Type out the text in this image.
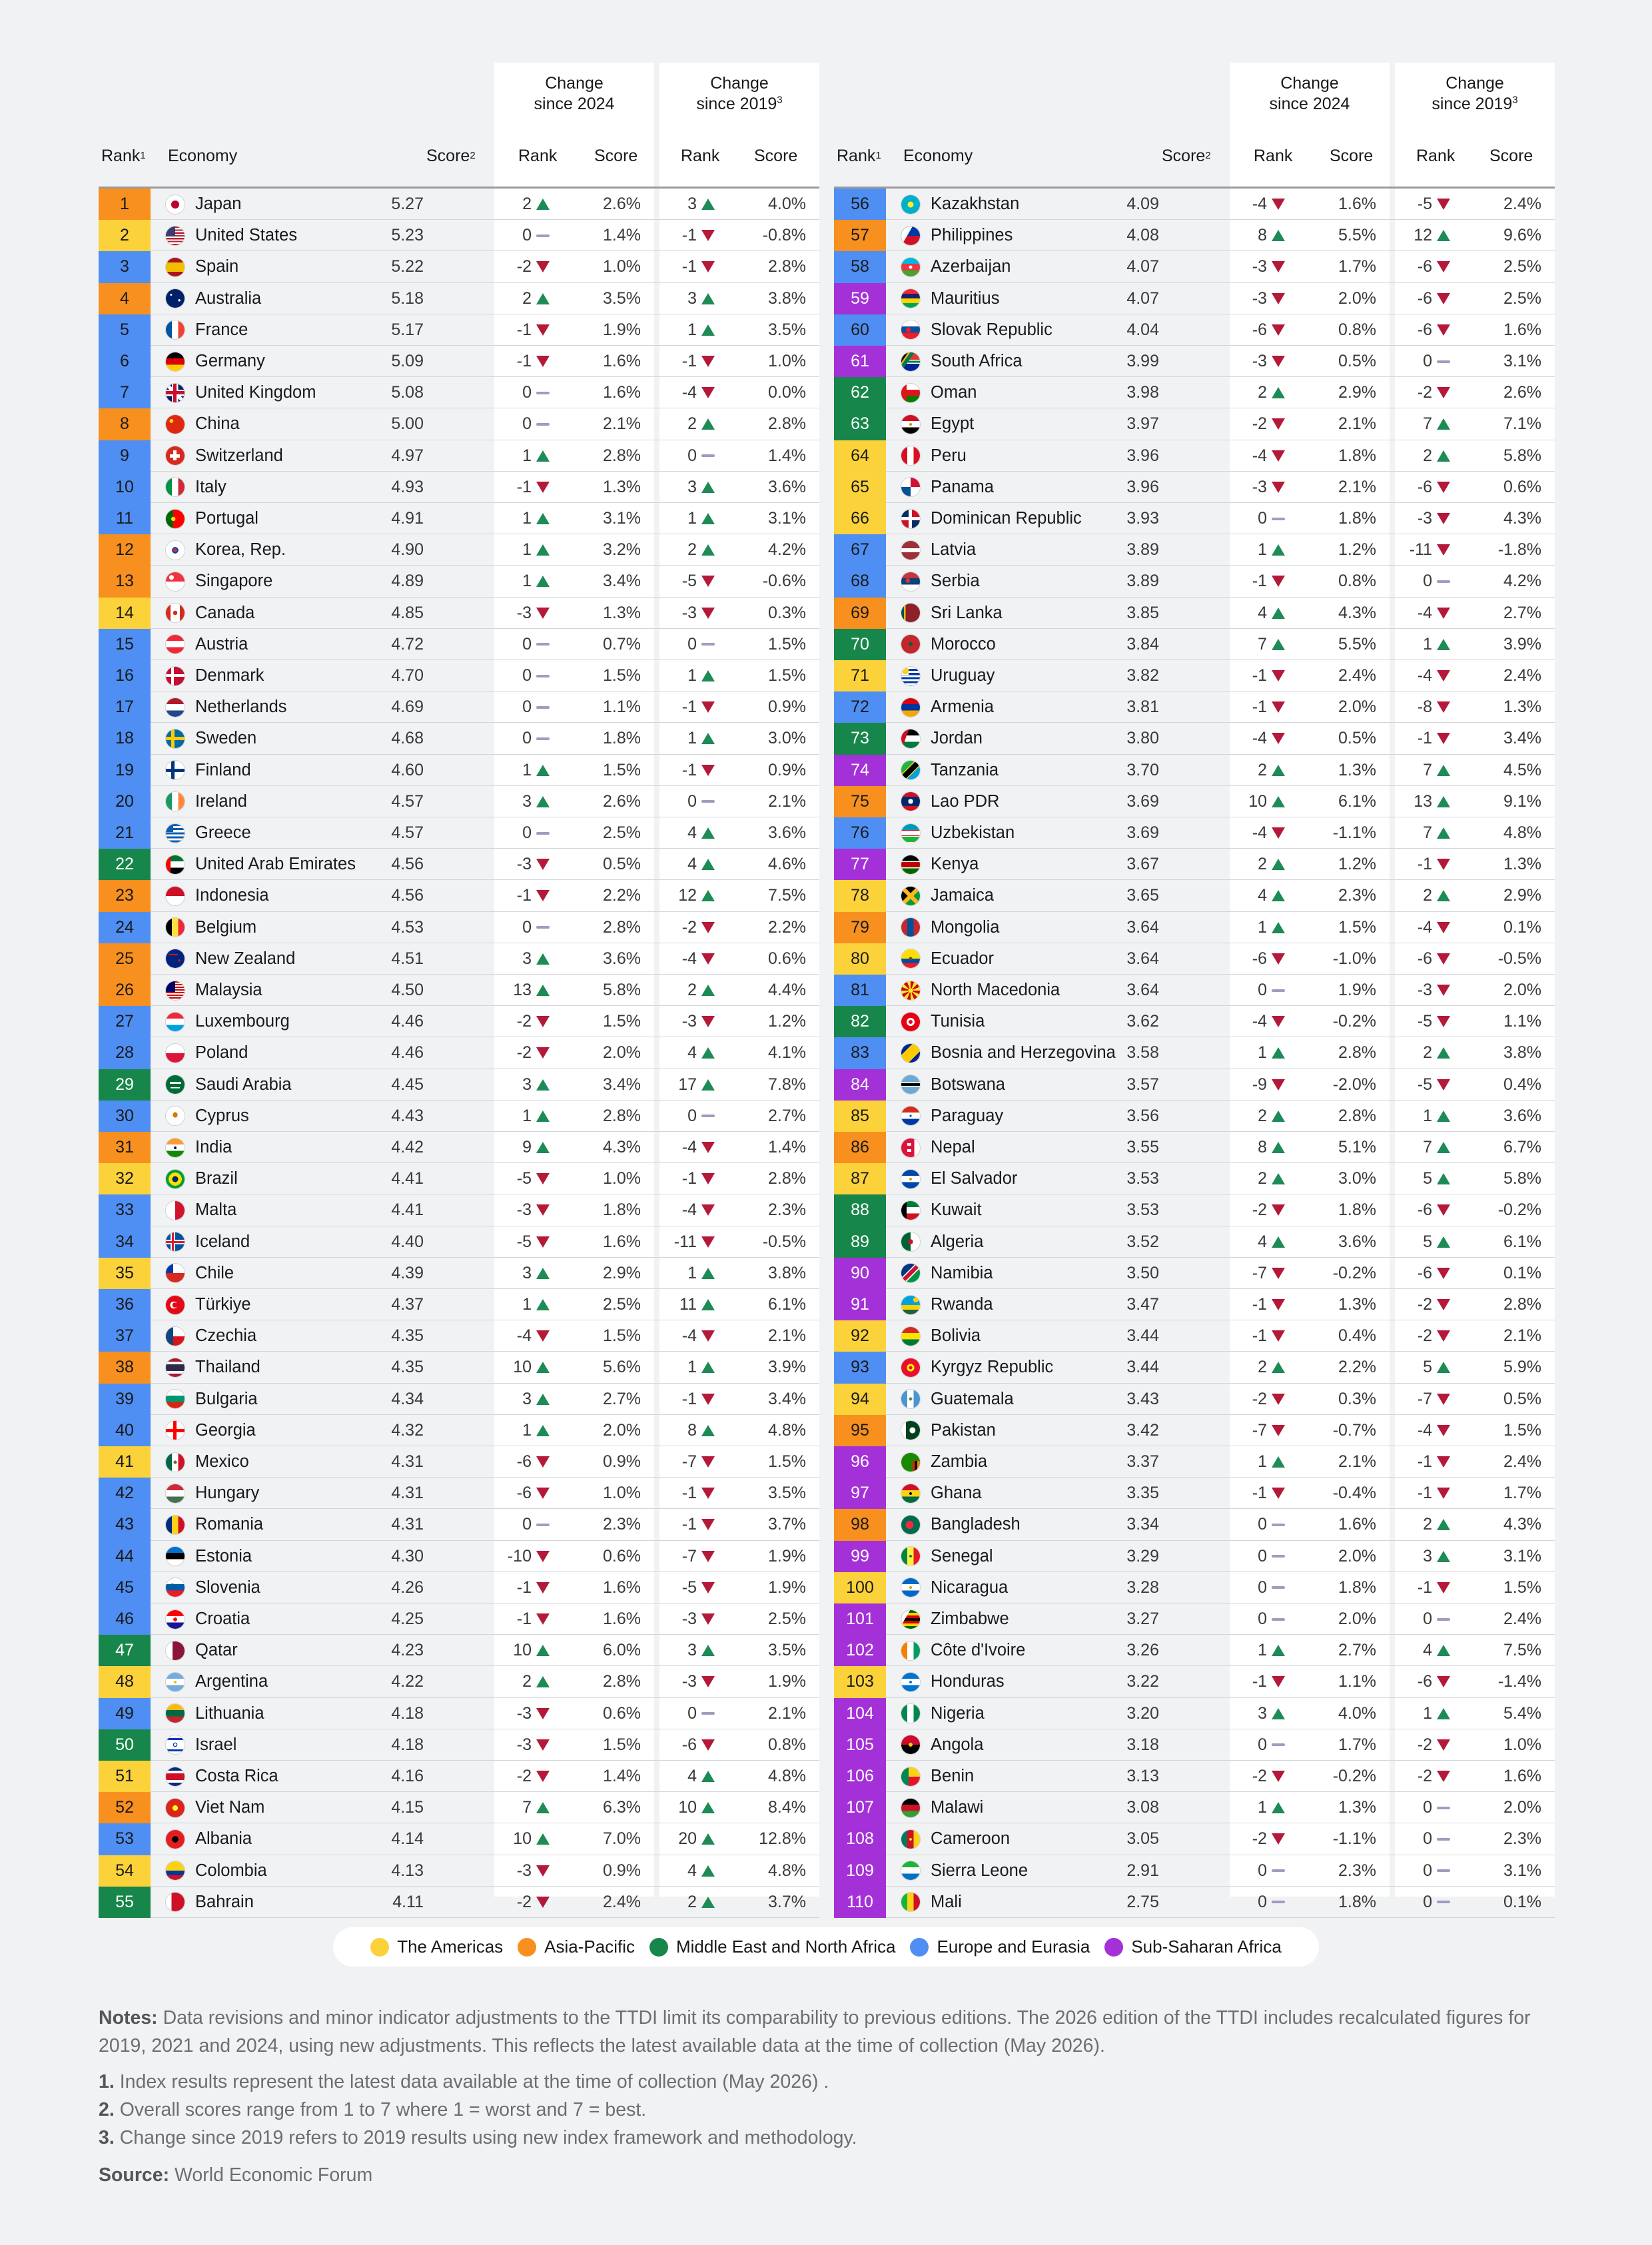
Change
since 2024
Change
since 2019$^3$
Rank 1 Economy	Score 2	Rank Score	Rank Score
1	Japan	5.27	2	2.6%	3	4.0%
2	United States	5.23	0	1.4%	-1	-0.8%
3	Spain	5.22	-2	1.0%	-1	2.8%
4	Australia	5.18	2	3.5%	3	3.8%
5	France	5.17	-1	1.9%	1	3.5%
6	Germany	5.09	-1	1.6%	-1	1.0%
7	United Kingdom	5.08	0	1.6%	-4	0.0%
8	China	5.00	0	2.1%	2	2.8%
9	Switzerland	4.97	1	2.8%	0	1.4%
10	Italy	4.93	-1	1.3%	3	3.6%
11	Portugal	4.91	1	3.1%	1	3.1%
12	Korea, Rep.	4.90	1	3.2%	2	4.2%
13	Singapore	4.89	1	3.4%	-5	-0.6%
14	Canada	4.85	-3	1.3%	-3	0.3%
15	Austria	4.72	0	0.7%	0	1.5%
16	Denmark	4.70	0	1.5%	1	1.5%
17	Netherlands	4.69	0	1.1%	-1	0.9%
18	Sweden	4.68	0	1.8%	1	3.0%
19	Finland	4.60	1	1.5%	-1	0.9%
20	Ireland	4.57	3	2.6%	0	2.1%
21	Greece	4.57	0	2.5%	4	3.6%
22	United Arab Emirates	4.56	-3	0.5%	4	4.6%
23	Indonesia	4.56	-1	2.2%	12	7.5%
24	Belgium	4.53	0	2.8%	-2	2.2%
25	New Zealand	4.51	3	3.6%	-4	0.6%
26	Malaysia	4.50	13	5.8%	2	4.4%
27	Luxembourg	4.46	-2	1.5%	-3	1.2%
28	Poland	4.46	-2	2.0%	4	4.1%
29	Saudi Arabia	4.45	3	3.4%	17	7.8%
30	Cyprus	4.43	1	2.8%	0	2.7%
31	India	4.42	9	4.3%	-4	1.4%
32	Brazil	4.41	-5	1.0%	-1	2.8%
33	Malta	4.41	-3	1.8%	-4	2.3%
34	Iceland	4.40	-5	1.6%	-11	-0.5%
35	Chile	4.39	3	2.9%	1	3.8%
36	Türkiye	4.37	1	2.5%	11	6.1%
37	Czechia	4.35	-4	1.5%	-4	2.1%
38	Thailand	4.35	10	5.6%	1	3.9%
39	Bulgaria	4.34	3	2.7%	-1	3.4%
40	Georgia	4.32	1	2.0%	8	4.8%
41	Mexico	4.31	-6	0.9%	-7	1.5%
42	Hungary	4.31	-6	1.0%	-1	3.5%
43	Romania	4.31	0	2.3%	-1	3.7%
44	Estonia	4.30	-10	0.6%	-7	1.9%
45	Slovenia	4.26	-1	1.6%	-5	1.9%
46	Croatia	4.25	-1	1.6%	-3	2.5%
47	Qatar	4.23	10	6.0%	3	3.5%
48	Argentina	4.22	2	2.8%	-3	1.9%
49	Lithuania	4.18	-3	0.6%	0	2.1%
50	Israel	4.18	-3	1.5%	-6	0.8%
51	Costa Rica	4.16	-2	1.4%	4	4.8%
52	Viet Nam	4.15	7	6.3%	10	8.4%
53	Albania	4.14	10	7.0%	20	12.8%
54	Colombia	4.13	-3	0.9%	4	4.8%
55	Bahrain	4.11	-2	2.4%	2	3.7%
Change
since 2024
Change
since 2019$^3$
Rank 1 Economy	Score 2	Rank Score	Rank Score
56	Kazakhstan	4.09	-4	1.6%	-5	2.4%
57	Philippines	4.08	8	5.5%	12	9.6%
58	Azerbaijan	4.07	-3	1.7%	-6	2.5%
59	Mauritius	4.07	-3	2.0%	-6	2.5%
60	Slovak Republic	4.04	-6	0.8%	-6	1.6%
61	South Africa	3.99	-3	0.5%	0	3.1%
62	Oman	3.98	2	2.9%	-2	2.6%
63	Egypt	3.97	-2	2.1%	7	7.1%
64	Peru	3.96	-4	1.8%	2	5.8%
65	Panama	3.96	-3	2.1%	-6	0.6%
66	Dominican Republic	3.93	0	1.8%	-3	4.3%
67	Latvia	3.89	1	1.2%	-11	-1.8%
68	Serbia	3.89	-1	0.8%	0	4.2%
69	Sri Lanka	3.85	4	4.3%	-4	2.7%
70	Morocco	3.84	7	5.5%	1	3.9%
71	Uruguay	3.82	-1	2.4%	-4	2.4%
72	Armenia	3.81	-1	2.0%	-8	1.3%
73	Jordan	3.80	-4	0.5%	-1	3.4%
74	Tanzania	3.70	2	1.3%	7	4.5%
75	Lao PDR	3.69	10	6.1%	13	9.1%
76	Uzbekistan	3.69	-4	-1.1%	7	4.8%
77	Kenya	3.67	2	1.2%	-1	1.3%
78	Jamaica	3.65	4	2.3%	2	2.9%
79	Mongolia	3.64	1	1.5%	-4	0.1%
80	Ecuador	3.64	-6	-1.0%	-6	-0.5%
81	North Macedonia	3.64	0	1.9%	-3	2.0%
82	Tunisia	3.62	-4	-0.2%	-5	1.1%
83	Bosnia and Herzegovina 3.58	1	2.8%	2	3.8%
84	Botswana	3.57	-9	-2.0%	-5	0.4%
85	Paraguay	3.56	2	2.8%	1	3.6%
86	Nepal	3.55	8	5.1%	7	6.7%
87	El Salvador	3.53	2	3.0%	5	5.8%
88	Kuwait	3.53	-2	1.8%	-6	-0.2%
89	Algeria	3.52	4	3.6%	5	6.1%
90	Namibia	3.50	-7	-0.2%	-6	0.1%
91	Rwanda	3.47	-1	1.3%	-2	2.8%
92	Bolivia	3.44	-1	0.4%	-2	2.1%
93	Kyrgyz Republic	3.44	2	2.2%	5	5.9%
94	Guatemala	3.43	-2	0.3%	-7	0.5%
95	Pakistan	3.42	-7	-0.7%	-4	1.5%
96	Zambia	3.37	1	2.1%	-1	2.4%
97	Ghana	3.35	-1	-0.4%	-1	1.7%
98	Bangladesh	3.34	0	1.6%	2	4.3%
99	Senegal	3.29	0	2.0%	3	3.1%
100	Nicaragua	3.28	0	1.8%	-1	1.5%
101	Zimbabwe	3.27	0	2.0%	0	2.4%
102	Côte d'Ivoire	3.26	1	2.7%	4	7.5%
103	Honduras	3.22	-1	1.1%	-6	-1.4%
104	Nigeria	3.20	3	4.0%	1	5.4%
105	Angola	3.18	0	1.7%	-2	1.0%
106	Benin	3.13	-2	-0.2%	-2	1.6%
107	Malawi	3.08	1	1.3%	0	2.0%
108	Cameroon	3.05	-2	-1.1%	0	2.3%
109	Sierra Leone	2.91	0	2.3%	0	3.1%
110	Mali	2.75	0	1.8%	0	0.1%
The Americas Asia-Pacific Middle East and North Africa Europe and Eurasia Sub-Saharan Africa
Notes: Data revisions and minor indicator adjustments to the TTDI limit its comparability to previous editions. The 2026 edition of the TTDI includes recalculated figures for 2019, 2021 and 2024, using new adjustments. This reflects the latest available data at the time of collection (May 2026).
1. Index results represent the latest data available at the time of collection (May 2026) .
2. Overall scores range from 1 to 7 where 1 = worst and 7 = best.
3. Change since 2019 refers to 2019 results using new index framework and methodology.
Source: World Economic Forum
